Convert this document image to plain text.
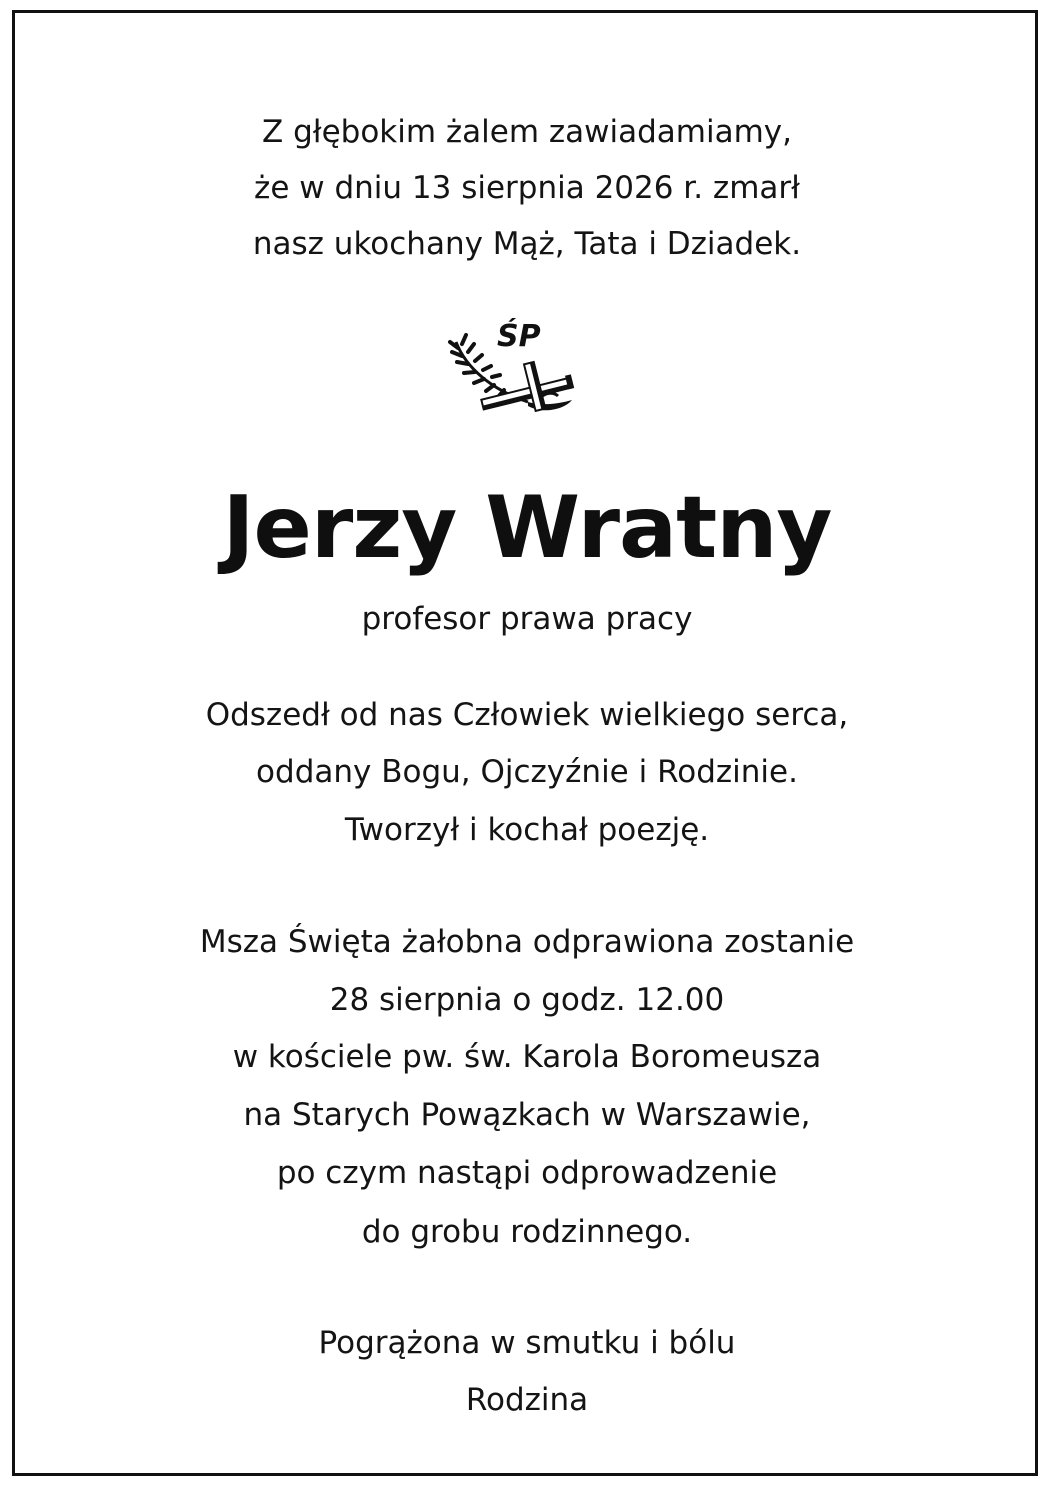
Z głębokim żalem zawiadamiamy,
że w dniu 13 sierpnia 2026 r. zmarł
nasz ukochany Mąż, Tata i Dziadek.
ŚP
Jerzy Wratny
profesor prawa pracy
Odszedł od nas Człowiek wielkiego serca,
oddany Bogu, Ojczyźnie i Rodzinie.
Tworzył i kochał poezję.
Msza Święta żałobna odprawiona zostanie
28 sierpnia o godz. 12.00
w kościele pw. św. Karola Boromeusza
na Starych Powązkach w Warszawie,
po czym nastąpi odprowadzenie
do grobu rodzinnego.
Pogrążona w smutku i bólu
Rodzina
